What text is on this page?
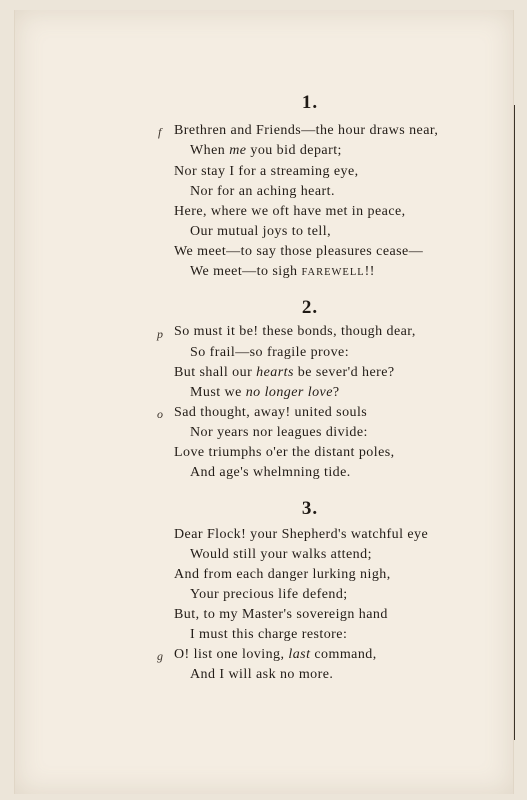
1.
f Brethren and Friends—the hour draws near,
When me you bid depart;
Nor stay I for a streaming eye,
Nor for an aching heart.
Here, where we oft have met in peace,
Our mutual joys to tell,
We meet—to say those pleasures cease—
We meet—to sigh FAREWELL!!
2.
p So must it be! these bonds, though dear,
So frail—so fragile prove:
But shall our hearts be sever'd here?
Must we no longer love?
o Sad thought, away! united souls
Nor years nor leagues divide:
Love triumphs o'er the distant poles,
And age's whelmning tide.
3.
Dear Flock! your Shepherd's watchful eye
Would still your walks attend;
And from each danger lurking nigh,
Your precious life defend;
But, to my Master's sovereign hand
I must this charge restore:
g O! list one loving, last command,
And I will ask no more.
